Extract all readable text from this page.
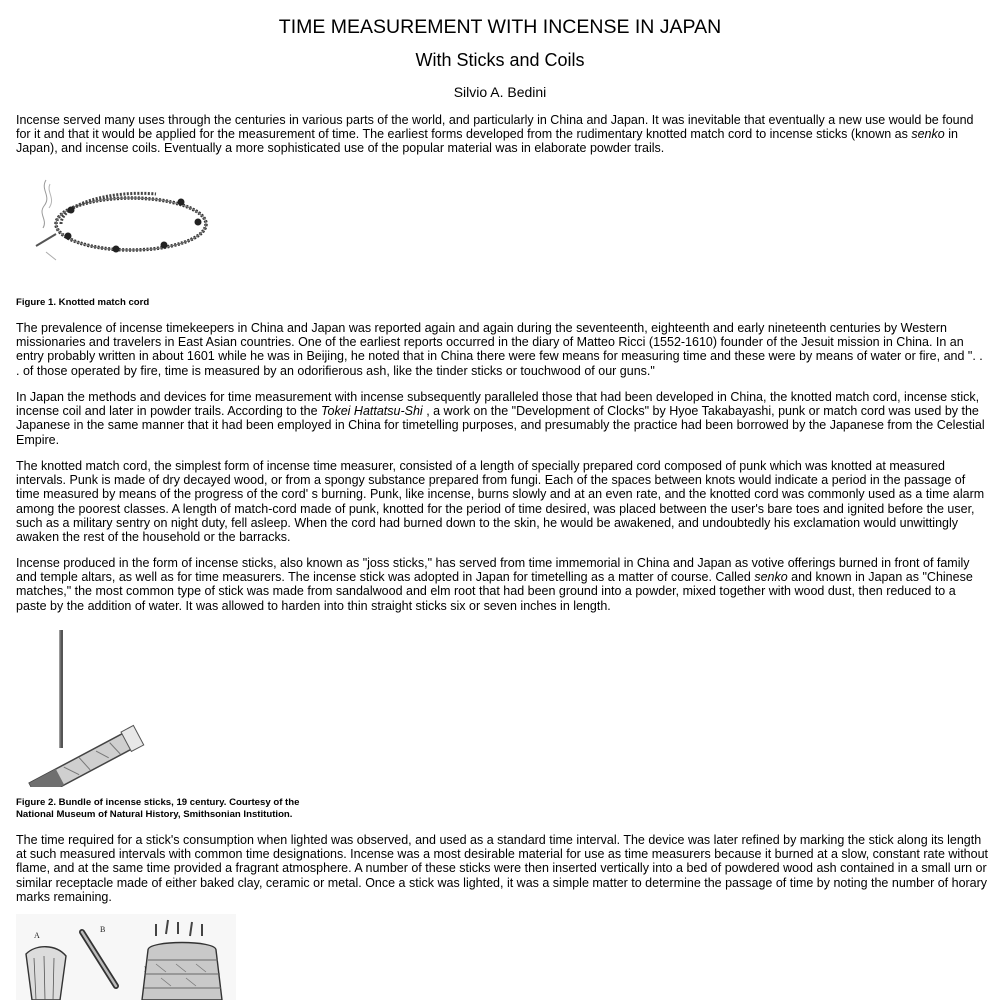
TIME MEASUREMENT WITH INCENSE IN JAPAN
With Sticks and Coils

Silvio A. Bedini

Incense served many uses through the centuries in various parts of the world, and particularly in China and Japan. It was inevitable that eventually a new use would be found for it and that it would be applied for the measurement of time. The earliest forms developed from the rudimentary knotted match cord to incense sticks (known as senko in Japan), and incense coils. Eventually a more sophisticated use of the popular material was in elaborate powder trails.

Figure 1. Knotted match cord

The prevalence of incense timekeepers in China and Japan was reported again and again during the seventeenth, eighteenth and early nineteenth centuries by Western missionaries and travelers in East Asian countries. One of the earliest reports occurred in the diary of Matteo Ricci (1552-1610) founder of the Jesuit mission in China. In an entry probably written in about 1601 while he was in Beijing, he noted that in China there were few means for measuring time and these were by means of water or fire, and ". . . of those operated by fire, time is measured by an odorifierous ash, like the tinder sticks or touchwood of our guns."

In Japan the methods and devices for time measurement with incense subsequently paralleled those that had been developed in China, the knotted match cord, incense stick, incense coil and later in powder trails. According to the Tokei Hattatsu-Shi , a work on the "Development of Clocks" by Hyoe Takabayashi, punk or match cord was used by the Japanese in the same manner that it had been employed in China for timetelling purposes, and presumably the practice had been borrowed by the Japanese from the Celestial Empire.

The knotted match cord, the simplest form of incense time measurer, consisted of a length of specially prepared cord composed of punk which was knotted at measured intervals. Punk is made of dry decayed wood, or from a spongy substance prepared from fungi. Each of the spaces between knots would indicate a period in the passage of time measured by means of the progress of the cord' s burning. Punk, like incense, burns slowly and at an even rate, and the knotted cord was commonly used as a time alarm among the poorest classes. A length of match-cord made of punk, knotted for the period of time desired, was placed between the user's bare toes and ignited before the user, such as a military sentry on night duty, fell asleep. When the cord had burned down to the skin, he would be awakened, and undoubtedly his exclamation would unwittingly awaken the rest of the household or the barracks.

Incense produced in the form of incense sticks, also known as "joss sticks," has served from time immemorial in China and Japan as votive offerings burned in front of family and temple altars, as well as for time measurers. The incense stick was adopted in Japan for timetelling as a matter of course. Called senko and known in Japan as "Chinese matches," the most common type of stick was made from sandalwood and elm root that had been ground into a powder, mixed together with wood dust, then reduced to a paste by the addition of water. It was allowed to harden into thin straight sticks six or seven inches in length.

Figure 2. Bundle of incense sticks, 19 century. Courtesy of the
National Museum of Natural History, Smithsonian Institution.

The time required for a stick's consumption when lighted was observed, and used as a standard time interval. The device was later refined by marking the stick along its length at such measured intervals with common time designations. Incense was a most desirable material for use as time measurers because it burned at a slow, constant rate without flame, and at the same time provided a fragrant atmosphere. A number of these sticks were then inserted vertically into a bed of powdered wood ash contained in a small urn or similar receptacle made of either baked clay, ceramic or metal. Once a stick was lighted, it was a simple matter to determine the passage of time by noting the number of horary marks remaining.

A
B
